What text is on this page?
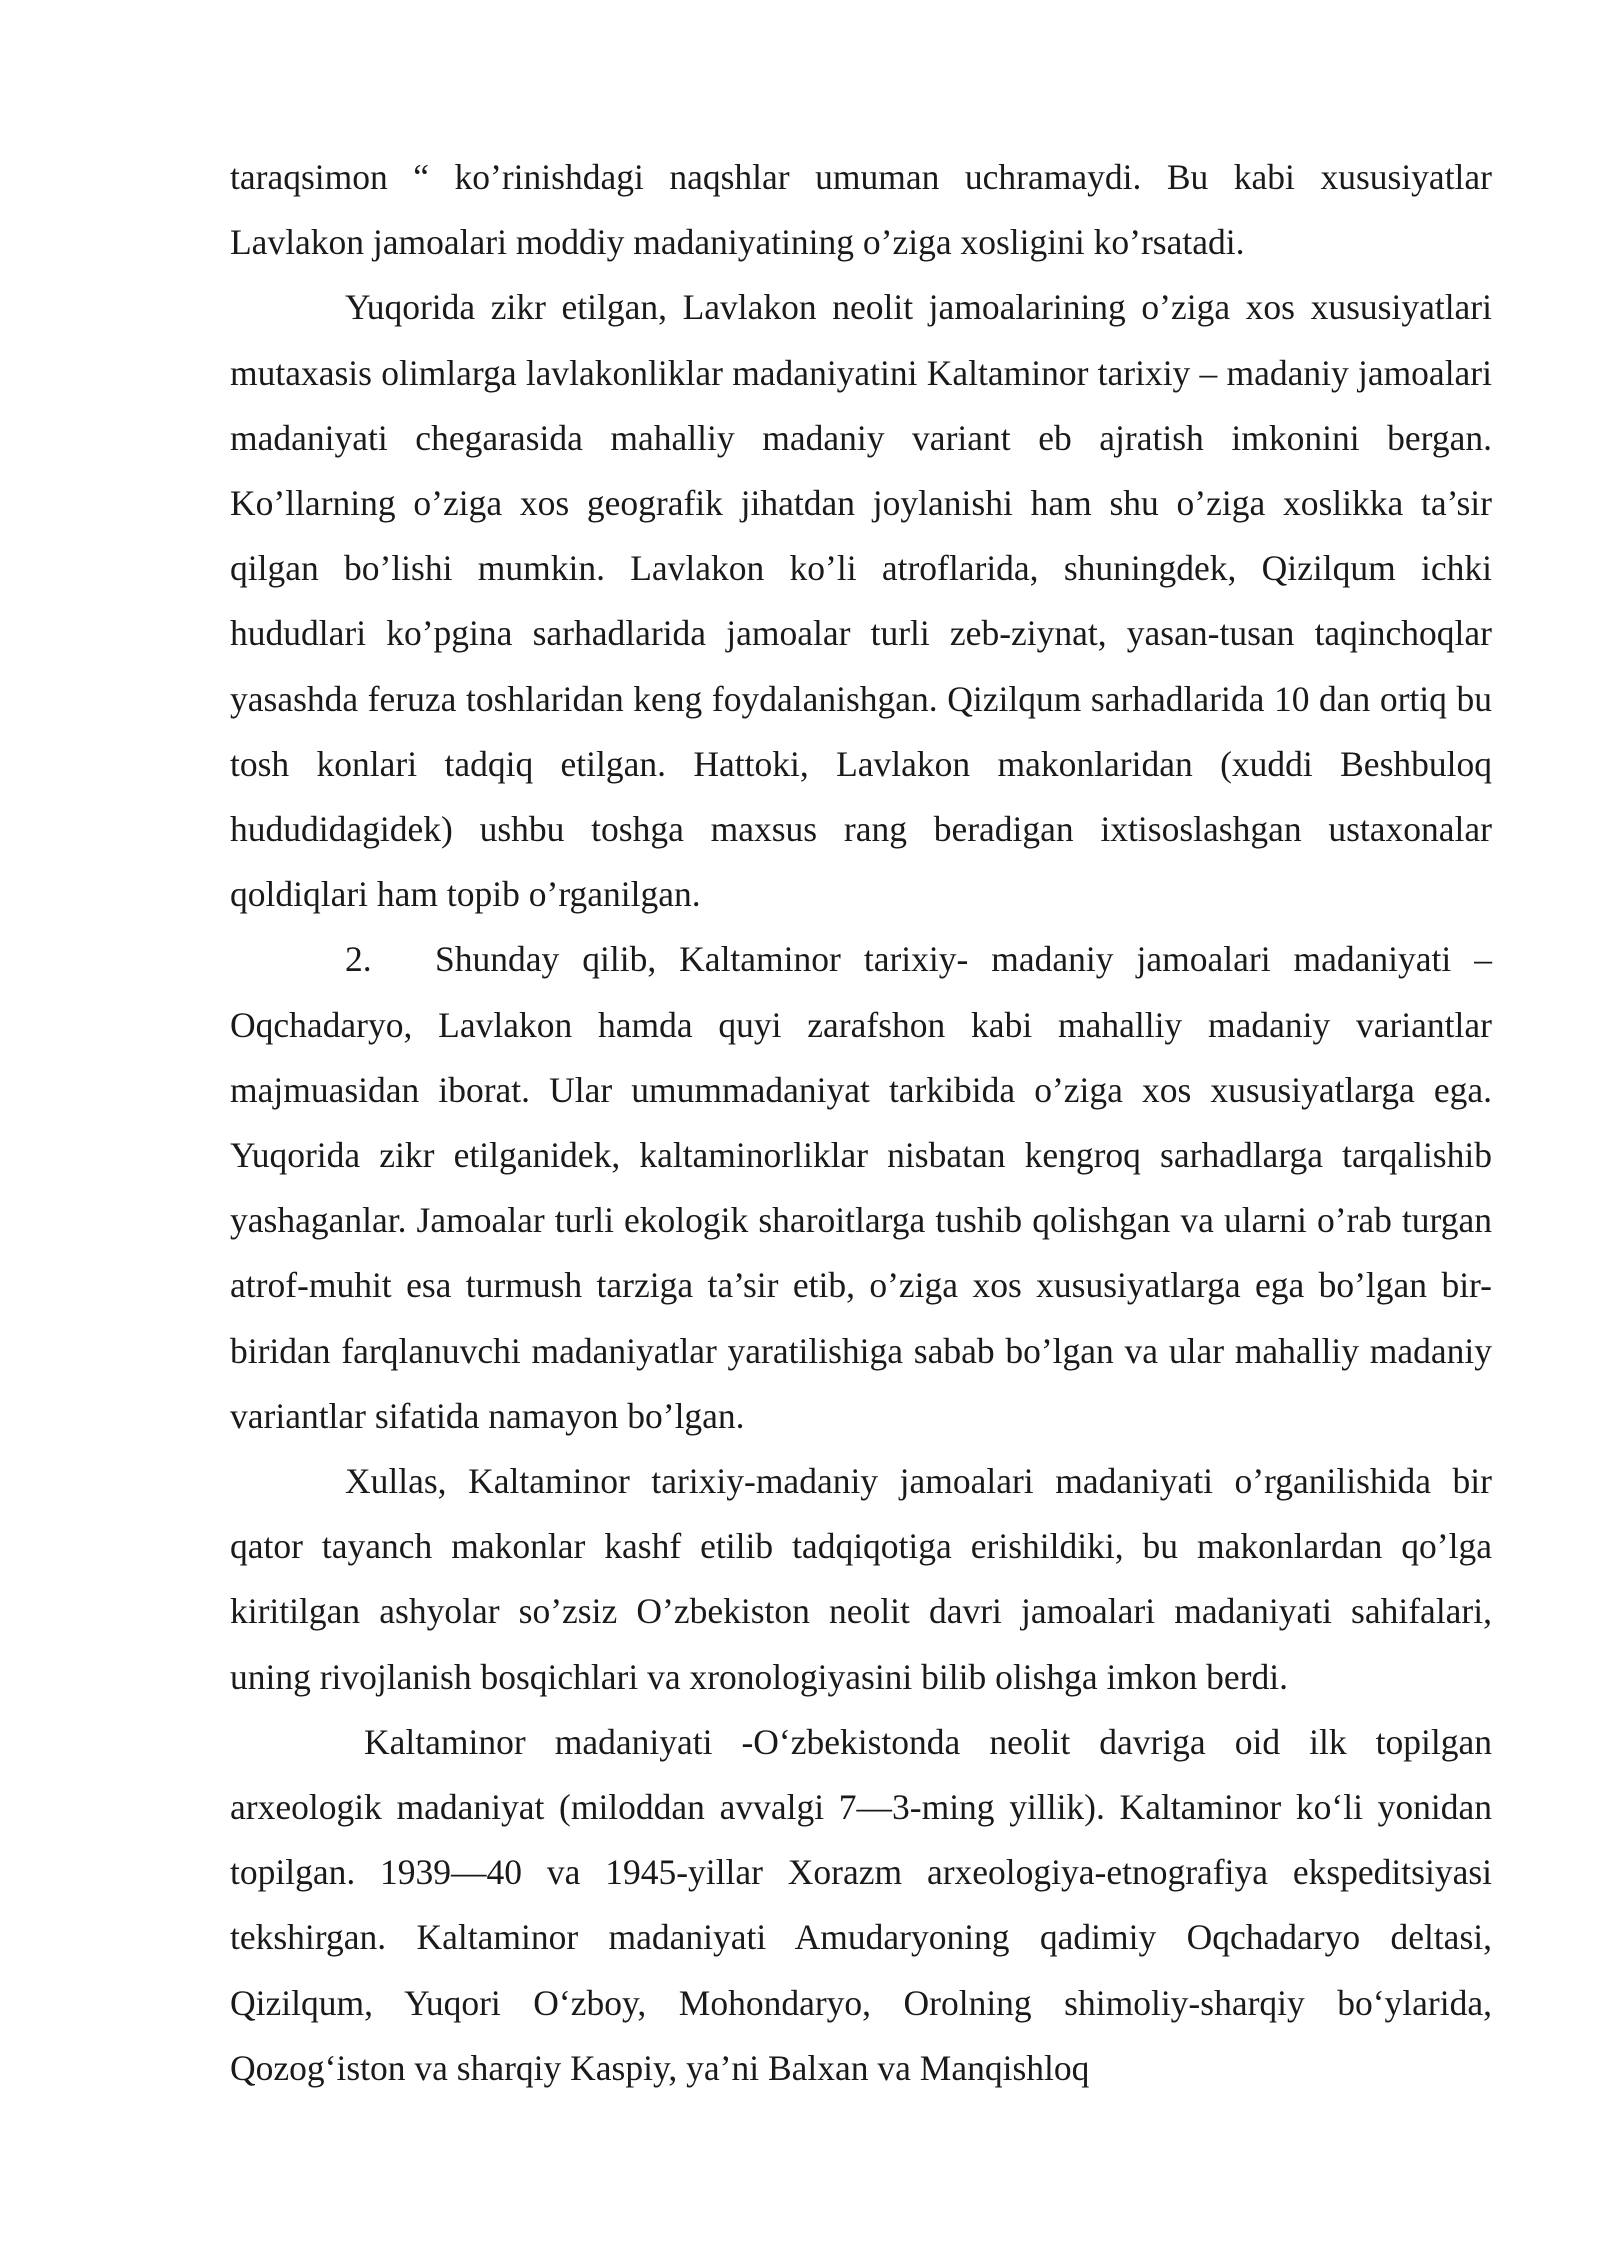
taraqsimon “ ko’rinishdagi naqshlar umuman uchramaydi. Bu kabi xususiyatlar Lavlakon jamoalari moddiy madaniyatining o’ziga xosligini ko’rsatadi.

Yuqorida zikr etilgan, Lavlakon neolit jamoalarining o’ziga xos xususiyatlari mutaxasis olimlarga lavlakonliklar madaniyatini Kaltaminor tarixiy – madaniy jamoalari madaniyati chegarasida mahalliy madaniy variant eb ajratish imkonini bergan. Ko’llarning o’ziga xos geografik jihatdan joylanishi ham shu o’ziga xoslikka ta’sir qilgan bo’lishi mumkin. Lavlakon ko’li atroflarida, shuningdek, Qizilqum ichki hududlari ko’pgina sarhadlarida jamoalar turli zeb-ziynat, yasan-tusan taqinchoqlar yasashda feruza toshlaridan keng foydalanishgan. Qizilqum sarhadlarida 10 dan ortiq bu tosh konlari tadqiq etilgan. Hattoki, Lavlakon makonlaridan (xuddi Beshbuloq hududidagidek) ushbu toshga maxsus rang beradigan ixtisoslashgan ustaxonalar qoldiqlari ham topib o’rganilgan.

2. Shunday qilib, Kaltaminor tarixiy- madaniy jamoalari madaniyati – Oqchadaryo, Lavlakon hamda quyi zarafshon kabi mahalliy madaniy variantlar majmuasidan iborat. Ular umummadaniyat tarkibida o’ziga xos xususiyatlarga ega. Yuqorida zikr etilganidek, kaltaminorliklar nisbatan kengroq sarhadlarga tarqalishib yashaganlar. Jamoalar turli ekologik sharoitlarga tushib qolishgan va ularni o’rab turgan atrof-muhit esa turmush tarziga ta’sir etib, o’ziga xos xususiyatlarga ega bo’lgan bir-biridan farqlanuvchi madaniyatlar yaratilishiga sabab bo’lgan va ular mahalliy madaniy variantlar sifatida namayon bo’lgan.

Xullas, Kaltaminor tarixiy-madaniy jamoalari madaniyati o’rganilishida bir qator tayanch makonlar kashf etilib tadqiqotiga erishildiki, bu makonlardan qo’lga kiritilgan ashyolar so’zsiz O’zbekiston neolit davri jamoalari madaniyati sahifalari, uning rivojlanish bosqichlari va xronologiyasini bilib olishga imkon berdi.

Kaltaminor madaniyati -O‘zbekistonda neolit davriga oid ilk topilgan arxeologik madaniyat (miloddan avvalgi 7—3-ming yillik). Kaltaminor ko‘li yonidan topilgan. 1939—40 va 1945-yillar Xorazm arxeologiya-etnografiya ekspeditsiyasi tekshirgan. Kaltaminor madaniyati Amudaryoning qadimiy Oqchadaryo deltasi, Qizilqum, Yuqori O‘zboy, Mohondaryo, Orolning shimoliy-sharqiy bo‘ylarida, Qozog‘iston va sharqiy Kaspiy, ya’ni Balxan va Manqishloq
